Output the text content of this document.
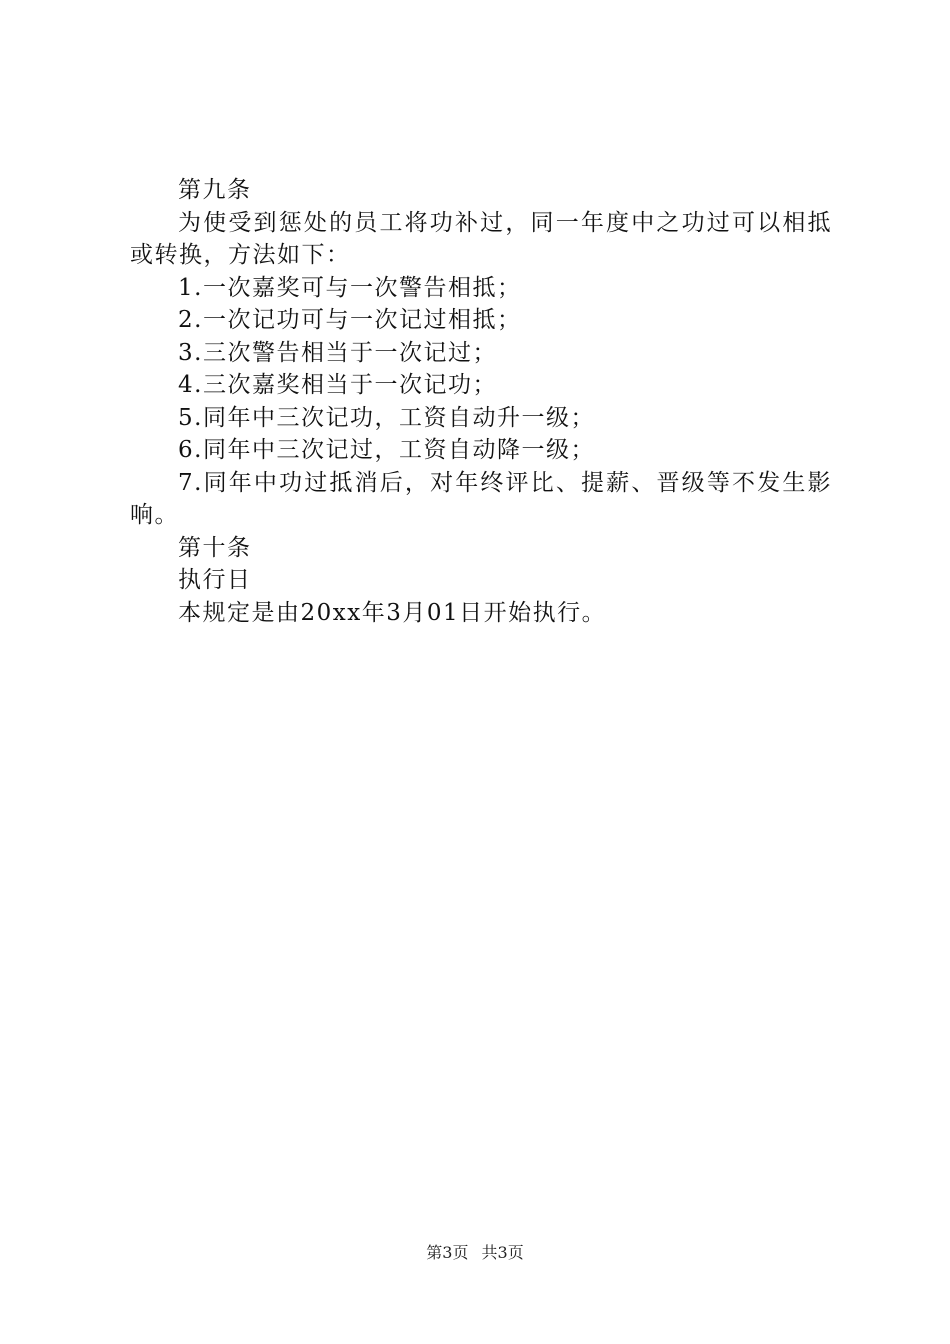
第九条

为使受到惩处的员工将功补过，同一年度中之功过可以相抵或转换，方法如下：

1.一次嘉奖可与一次警告相抵；

2.一次记功可与一次记过相抵；

3.三次警告相当于一次记过；

4.三次嘉奖相当于一次记功；

5.同年中三次记功，工资自动升一级；

6.同年中三次记过，工资自动降一级；

7.同年中功过抵消后，对年终评比、提薪、晋级等不发生影响。

第十条

执行日

本规定是由20xx年3月01日开始执行。

第3页 共3页
